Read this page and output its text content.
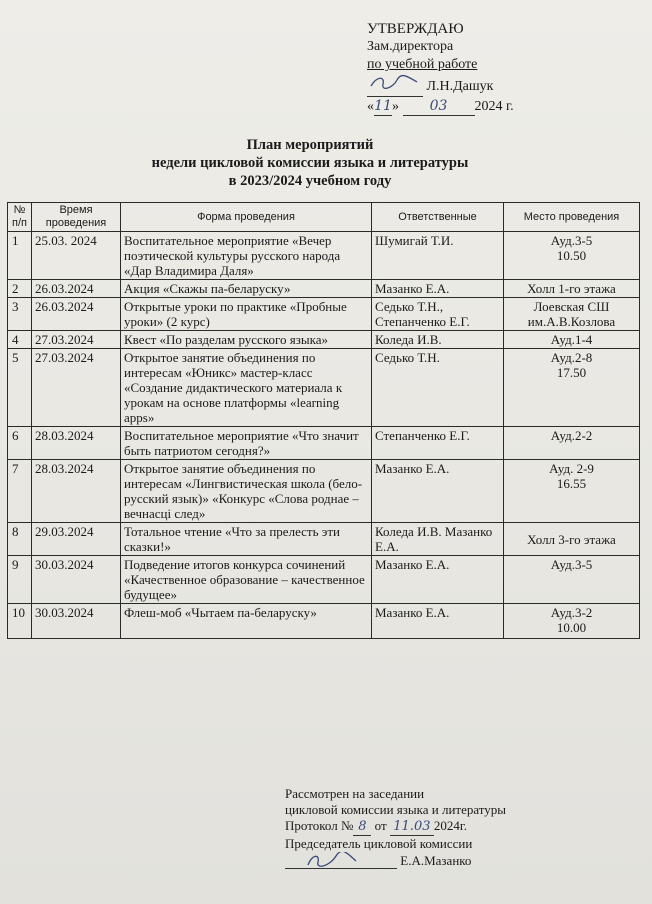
УТВЕРЖДАЮ
Зам.директора
по учебной работе
Л.Н.Дашук
«11» 03 2024 г.
План мероприятий
недели цикловой комиссии языка и литературы
в 2023/2024 учебном году
№ п/п	Время проведения	Форма проведения	Ответственные	Место проведения
1	25.03. 2024	Воспитательное мероприятие «Вечер поэтической культуры русского народа «Дар Владимира Даля»	Шумигай Т.И.	Ауд.3-5 10.50
2	26.03.2024	Акция «Скажы па-беларуску»	Мазанко Е.А.	Холл 1-го этажа
3	26.03.2024	Открытые уроки по практике «Пробные уроки» (2 курс)	Седько Т.Н., Степанченко Е.Г.	Лоевская СШ им.А.В.Козлова
4	27.03.2024	Квест «По разделам русского языка»	Коледа И.В.	Ауд.1-4
5	27.03.2024	Открытое занятие объединения по интересам «Юникс» мастер-класс «Создание дидактического материала к урокам на основе платформы «learning apps»	Седько Т.Н.	Ауд.2-8 17.50
6	28.03.2024	Воспитательное мероприятие «Что значит быть патриотом сегодня?»	Степанченко Е.Г.	Ауд.2-2
7	28.03.2024	Открытое занятие объединения по интересам «Лингвистическая школа (бело-русский язык)» «Конкурс «Слова роднае – вечнасці след»	Мазанко Е.А.	Ауд. 2-9 16.55
8	29.03.2024	Тотальное чтение «Что за прелесть эти сказки!»	Коледа И.В. Мазанко Е.А.	Холл 3-го этажа
9	30.03.2024	Подведение итогов конкурса сочинений «Качественное образование – качественное будущее»	Мазанко Е.А.	Ауд.3-5
10	30.03.2024	Флеш-моб «Чытаем па-беларуску»	Мазанко Е.А.	Ауд.3-2 10.00
Рассмотрен на заседании
цикловой комиссии языка и литературы
Протокол № 8 от 11.03 2024г.
Председатель цикловой комиссии
Е.А.Мазанко
